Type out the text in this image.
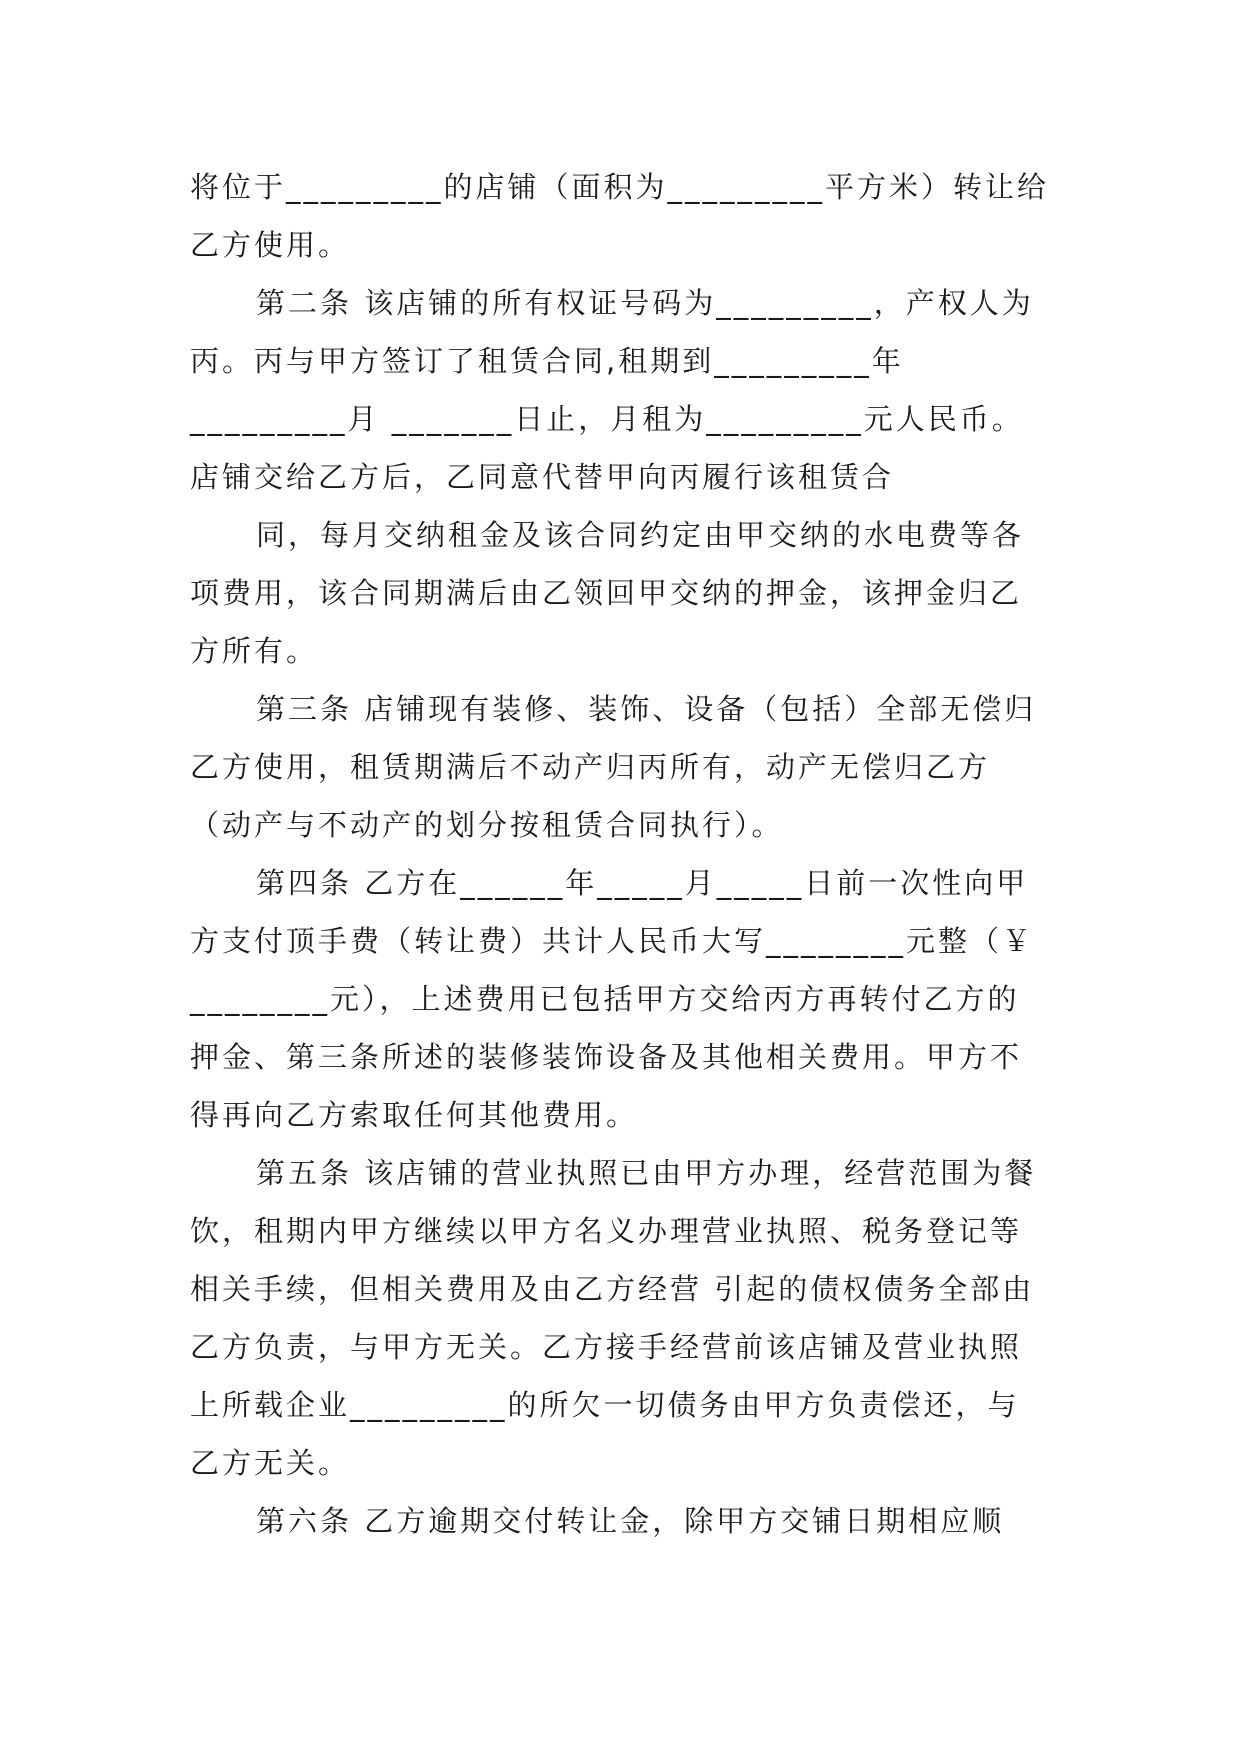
将位于_________的店铺（面积为_________平方米）转让给乙方使用。

第二条 该店铺的所有权证号码为_________，产权人为丙。丙与甲方签订了租赁合同,租期到_________年_________月 _______日止，月租为_________元人民币。店铺交给乙方后，乙同意代替甲向丙履行该租赁合

同，每月交纳租金及该合同约定由甲交纳的水电费等各项费用，该合同期满后由乙领回甲交纳的押金，该押金归乙方所有。

第三条 店铺现有装修、装饰、设备（包括）全部无偿归乙方使用，租赁期满后不动产归丙所有，动产无偿归乙方（动产与不动产的划分按租赁合同执行）。

第四条 乙方在______年_____月_____日前一次性向甲方支付顶手费（转让费）共计人民币大写________元整（￥ ________元），上述费用已包括甲方交给丙方再转付乙方的押金、第三条所述的装修装饰设备及其他相关费用。甲方不得再向乙方索取任何其他费用。

第五条 该店铺的营业执照已由甲方办理，经营范围为餐饮，租期内甲方继续以甲方名义办理营业执照、税务登记等相关手续，但相关费用及由乙方经营 引起的债权债务全部由乙方负责，与甲方无关。乙方接手经营前该店铺及营业执照上所载企业_________的所欠一切债务由甲方负责偿还，与乙方无关。

第六条 乙方逾期交付转让金，除甲方交铺日期相应顺
